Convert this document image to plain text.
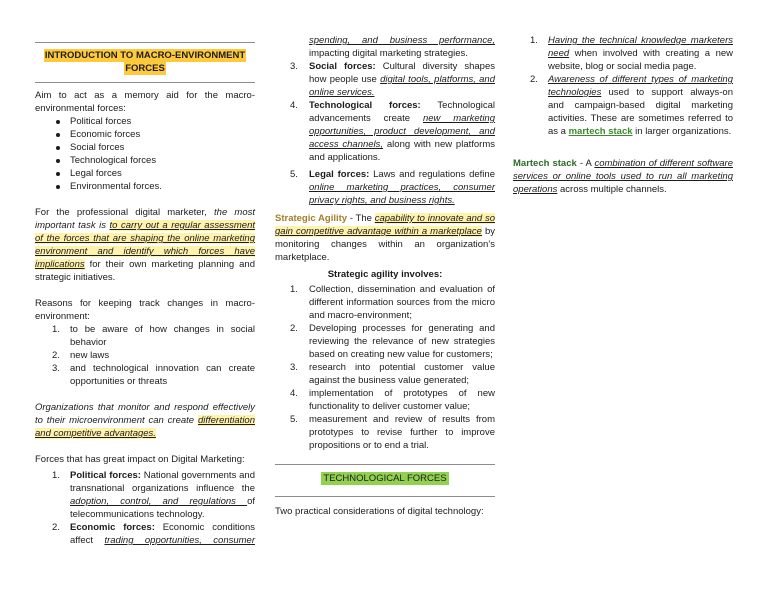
INTRODUCTION TO MACRO-ENVIRONMENT
FORCES

Aim to act as a memory aid for the macro-environmental forces:

Political forces
Economic forces
Social forces
Technological forces
Legal forces
Environmental forces.

For the professional digital marketer, the most important task is to carry out a regular assessment of the forces that are shaping the online marketing environment and identify which forces have implications for their own marketing planning and strategic initiatives.

Reasons for keeping track changes in macro-environment:

1. to be aware of how changes in social behavior
2. new laws
3. and technological innovation can create opportunities or threats

Organizations that monitor and respond effectively to their microenvironment can create differentiation and competitive advantages.

Forces that has great impact on Digital Marketing:

1. Political forces: National governments and transnational organizations influence the adoption, control, and regulations of telecommunications technology.
2. Economic forces: Economic conditions affect trading opportunities, consumer
spending, and business performance, impacting digital marketing strategies.
3. Social forces: Cultural diversity shapes how people use digital tools, platforms, and online services.
4. Technological forces: Technological advancements create new marketing opportunities, product development, and access channels, along with new platforms and applications.
5. Legal forces: Laws and regulations define online marketing practices, consumer privacy rights, and business rights.

Strategic Agility - The capability to innovate and so gain competitive advantage within a marketplace by monitoring changes within an organization’s marketplace.

Strategic agility involves:

1. Collection, dissemination and evaluation of different information sources from the micro and macro-environment;
2. Developing processes for generating and reviewing the relevance of new strategies based on creating new value for customers;
3. research into potential customer value against the business value generated;
4. implementation of prototypes of new functionality to deliver customer value;
5. measurement and review of results from prototypes to revise further to improve propositions or to end a trial.
TECHNOLOGICAL FORCES

Two practical considerations of digital technology:

1. Having the technical knowledge marketers need when involved with creating a new website, blog or social media page.
2. Awareness of different types of marketing technologies used to support always-on and campaign-based digital marketing activities. These are sometimes referred to as a martech stack in larger organizations.

Martech stack - A combination of different software services or online tools used to run all marketing operations across multiple channels.
